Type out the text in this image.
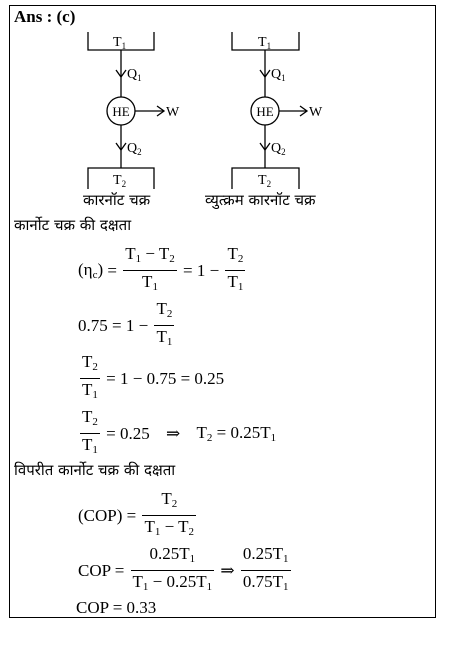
Ans : (c)
$T_1$
$Q_1$
HE	W
$Q_2$
$T_2$
$T_1$
$Q_1$
HE	W
$Q_2$
$T_2$
कारनॉट चक्र	व्युत्क्रम कारनॉट चक्र
कार्नोट चक्र की दक्षता
$(\eta_c) = \frac{T_1 - T_2}{T_1} = 1 - \frac{T_2}{T_1}$
$0.75 = 1 - \frac{T_2}{T_1}$
$\frac{T_2}{T_1} = 1 - 0.75 = 0.25$
$\frac{T_2}{T_1} = 0.25$ ⇒ $T_2 = 0.25T_1$
विपरीत कार्नोट चक्र की दक्षता
$(COP) = \frac{T_2}{T_1 - T_2}$
COP = $\frac{0.25T_1}{T_1 - 0.25T_1}$ ⇒ $\frac{0.25T_1}{0.75T_1}$
COP = 0.33
